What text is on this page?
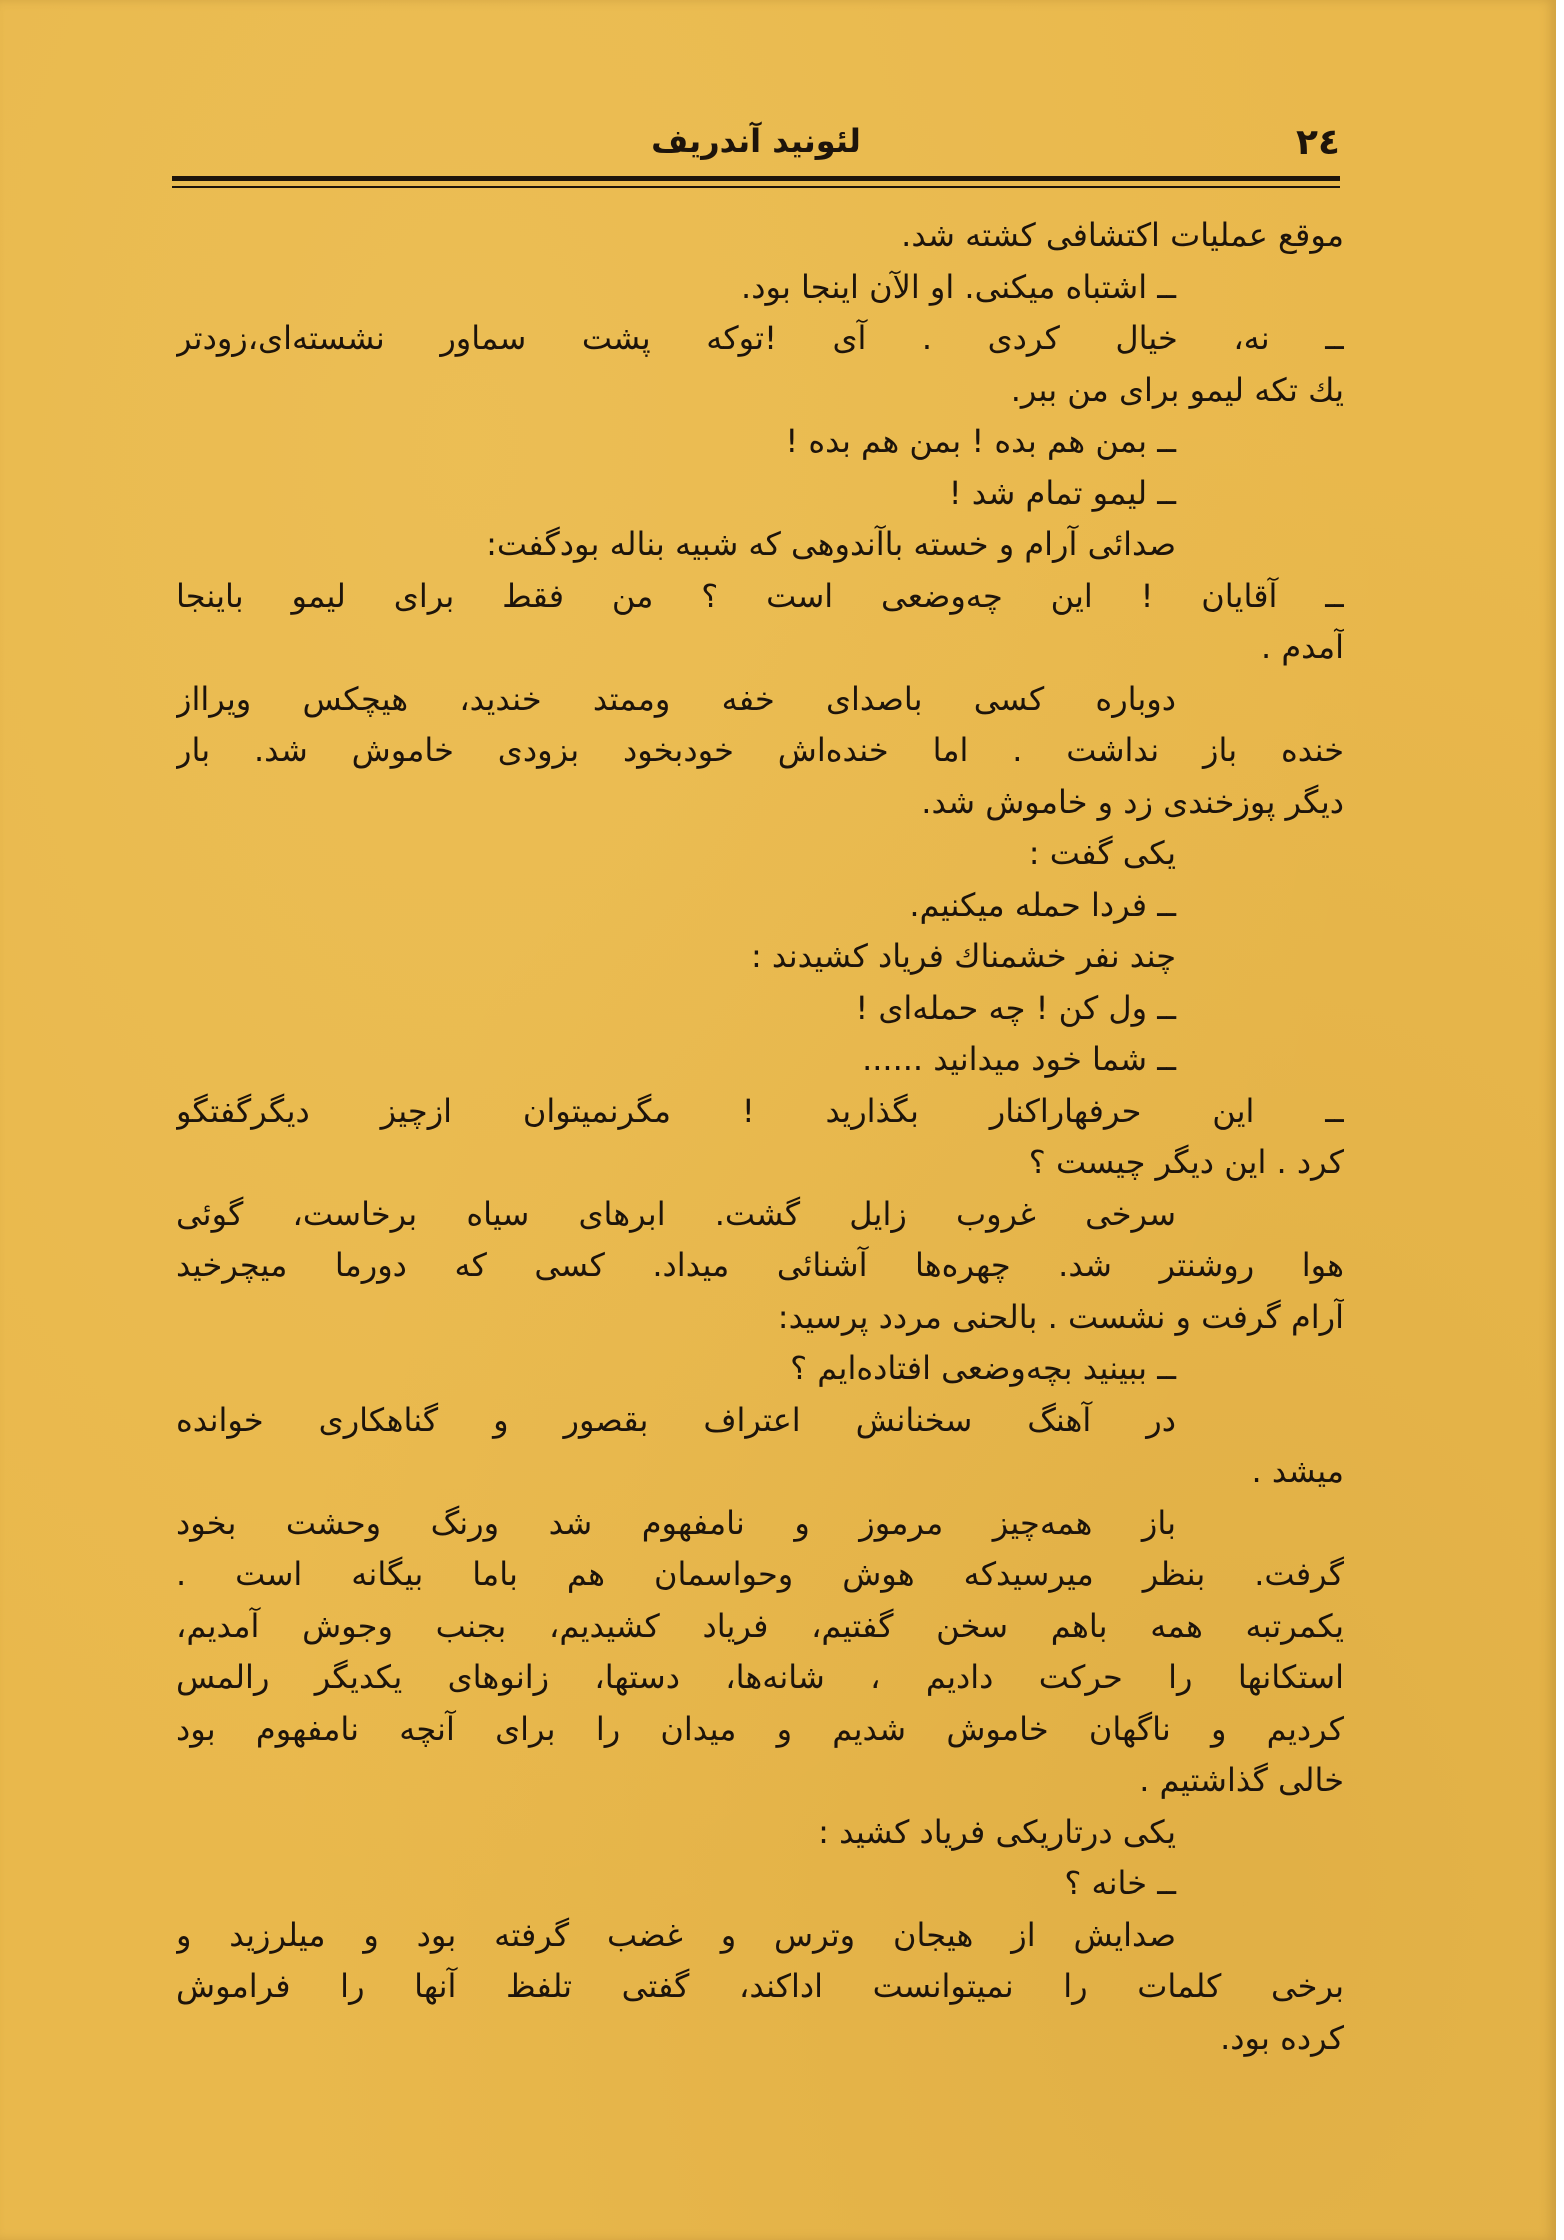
٢٤
لئونید آندریف
موقع عملیات اکتشافی کشته شد.
ــ اشتباه میکنی. او الآن اینجا بود.
ــ نه، خیال کردی . آی !توکه پشت سماور نشسته‌ای،زودتر
یك تکه لیمو برای من ببر.
ــ بمن هم بده ! بمن هم بده !
ــ لیمو تمام شد !
صدائی آرام و خسته باآندوهی که شبیه بناله بودگفت:
ــ آقایان ! این چه‌وضعی است ؟ من فقط برای لیمو باینجا
آمدم .
دوباره کسی باصدای خفه وممتد خندید، هیچکس ویرااز
خنده باز نداشت . اما خنده‌اش خودبخود بزودی خاموش شد. بار
دیگر پوزخندی زد و خاموش شد.
یکی گفت :
ــ فردا حمله میکنیم.
چند نفر خشمناك فریاد کشیدند :
ــ ول کن ! چه حمله‌ای !
ــ شما خود میدانید ......
ــ این حرفهاراکنار بگذارید ! مگرنمیتوان ازچیز دیگرگفتگو
کرد . این دیگر چیست ؟
سرخی غروب زایل گشت. ابرهای سیاه برخاست، گوئی
هوا روشنتر شد. چهره‌ها آشنائی میداد. کسی که دورما میچرخید
آرام گرفت و نشست . بالحنی مردد پرسید:
ــ ببینید بچه‌وضعی افتاده‌ایم ؟
در آهنگ سخنانش اعتراف بقصور و گناهکاری خوانده
میشد .
باز همه‌چیز مرموز و نامفهوم شد ورنگ وحشت بخود
گرفت. بنظر میرسیدکه هوش وحواسمان هم باما بیگانه است .
یکمرتبه همه باهم سخن گفتیم، فریاد کشیدیم، بجنب وجوش آمدیم،
استکانها را حرکت دادیم ، شانه‌ها، دستها، زانوهای یکدیگر رالمس
کردیم و ناگهان خاموش شدیم و میدان را برای آنچه نامفهوم بود
خالی گذاشتیم .
یکی درتاریکی فریاد کشید :
ــ خانه ؟
صدایش از هیجان وترس و غضب گرفته بود و میلرزید و
برخی کلمات را نمیتوانست اداکند، گفتی تلفظ آنها را فراموش
کرده بود.
